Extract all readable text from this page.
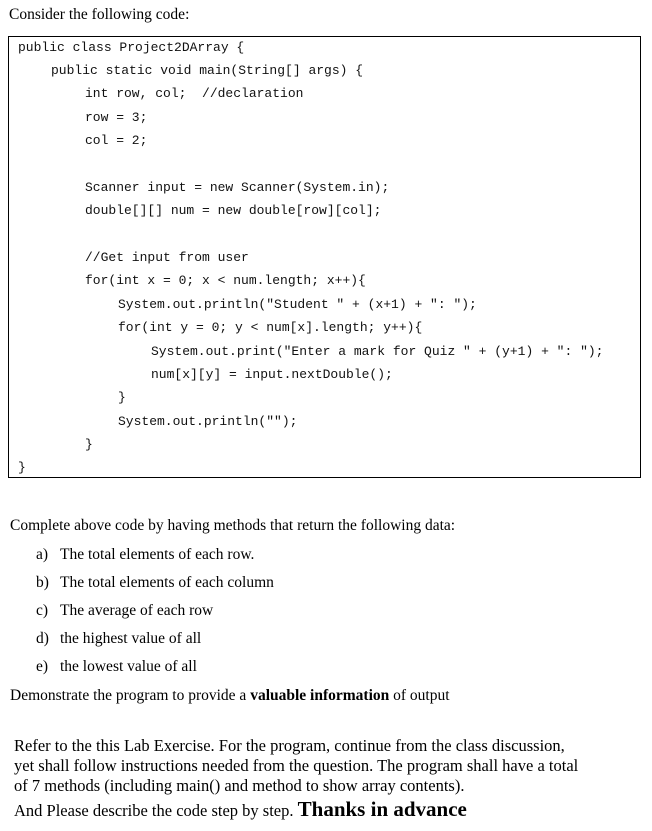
Consider the following code:
public class Project2DArray {
public static void main(String[] args) {
int row, col;  //declaration
row = 3;
col = 2;
Scanner input = new Scanner(System.in);
double[][] num = new double[row][col];
//Get input from user
for(int x = 0; x < num.length; x++){
System.out.println("Student " + (x+1) + ": ");
for(int y = 0; y < num[x].length; y++){
System.out.print("Enter a mark for Quiz " + (y+1) + ": ");
num[x][y] = input.nextDouble();
}
System.out.println("");
}
}
Complete above code by having methods that return the following data:
a) The total elements of each row.
b) The total elements of each column
c) The average of each row
d) the highest value of all
e) the lowest value of all
Demonstrate the program to provide a valuable information of output
Refer to the this Lab Exercise. For the program, continue from the class discussion,
yet shall follow instructions needed from the question. The program shall have a total
of 7 methods (including main() and method to show array contents).
And Please describe the code step by step. Thanks in advance
